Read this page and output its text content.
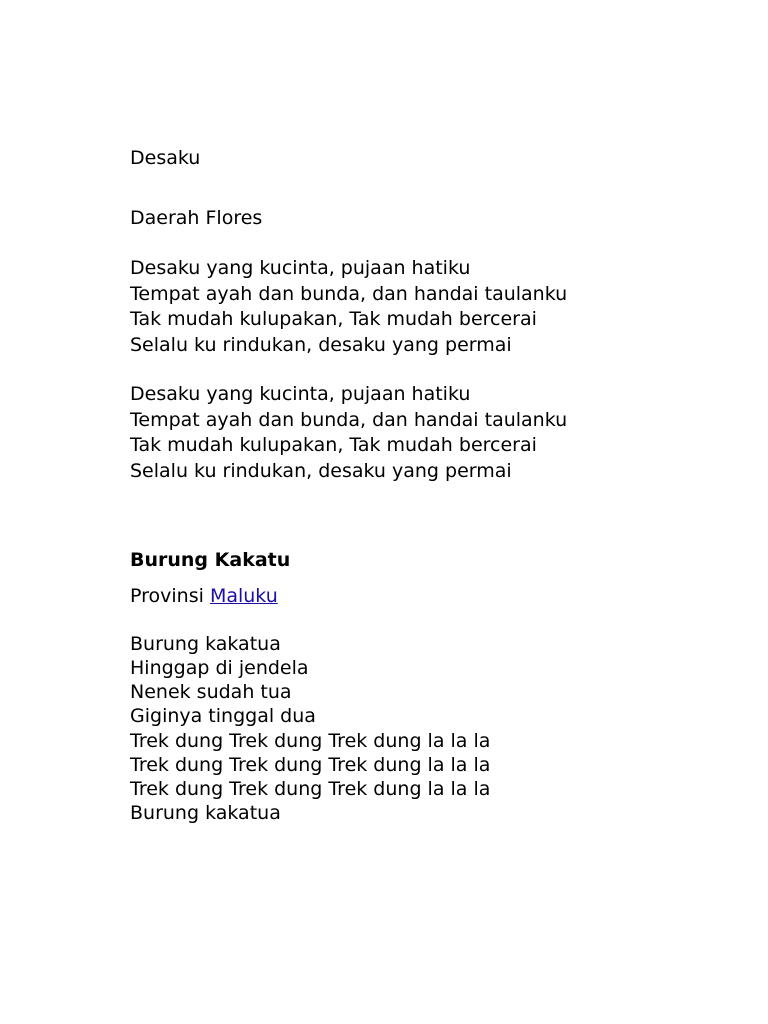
Desaku
Daerah Flores
Desaku yang kucinta, pujaan hatiku
Tempat ayah dan bunda, dan handai taulanku
Tak mudah kulupakan, Tak mudah bercerai
Selalu ku rindukan, desaku yang permai
Desaku yang kucinta, pujaan hatiku
Tempat ayah dan bunda, dan handai taulanku
Tak mudah kulupakan, Tak mudah bercerai
Selalu ku rindukan, desaku yang permai
Burung Kakatu
Provinsi Maluku
Burung kakatua
Hinggap di jendela
Nenek sudah tua
Giginya tinggal dua
Trek dung Trek dung Trek dung la la la
Trek dung Trek dung Trek dung la la la
Trek dung Trek dung Trek dung la la la
Burung kakatua
